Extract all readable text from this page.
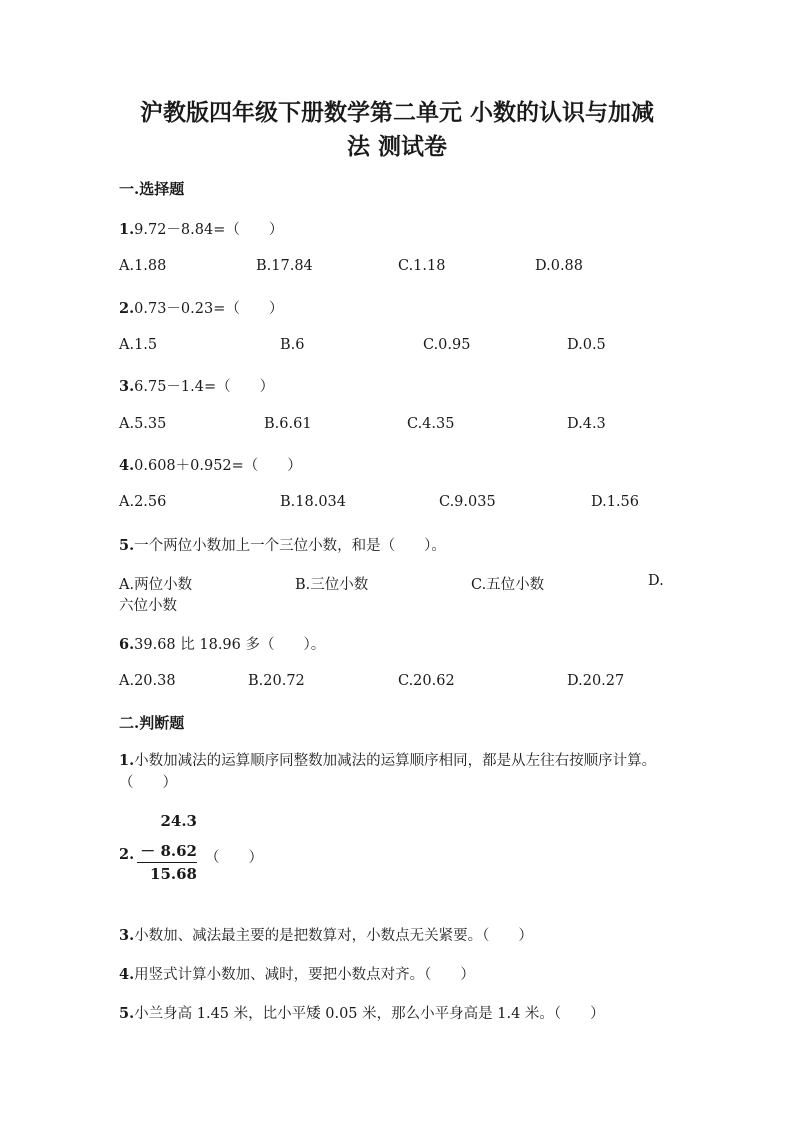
沪教版四年级下册数学第二单元 小数的认识与加减
法 测试卷
一.选择题
1.9.72－8.84=（　　）
A.1.88	B.17.84	C.1.18	D.0.88
2.0.73－0.23=（　　）
A.1.5	B.6	C.0.95	D.0.5
3.6.75－1.4=（　　）
A.5.35	B.6.61	C.4.35	D.4.3
4.0.608＋0.952=（　　）
A.2.56	B.18.034	C.9.035	D.1.56
5.一个两位小数加上一个三位小数，和是（　　）。
A.两位小数	B.三位小数	C.五位小数	D.
六位小数
6.39.68 比 18.96 多（　　）。
A.20.38	B.20.72	C.20.62	D.20.27
二.判断题
1.小数加减法的运算顺序同整数加减法的运算顺序相同，都是从左往右按顺序计算。（　　）
2.
24.3
－ 8.62
15.68
（　　）
3.小数加、减法最主要的是把数算对，小数点无关紧要。（　　）
4.用竖式计算小数加、减时，要把小数点对齐。（　　）
5.小兰身高 1.45 米，比小平矮 0.05 米，那么小平身高是 1.4 米。（　　）
